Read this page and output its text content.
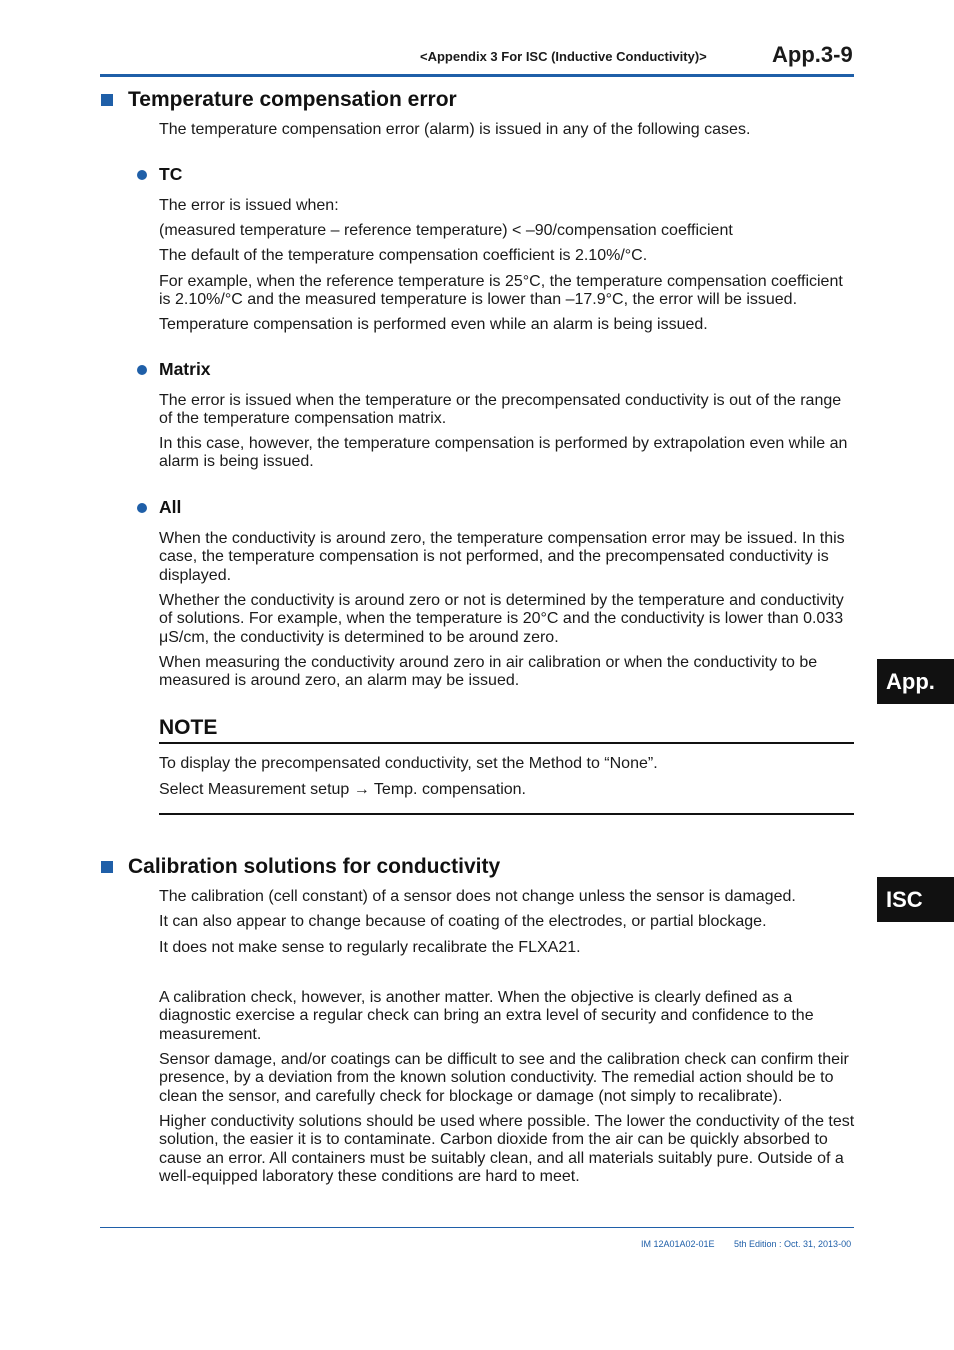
<Appendix 3 For ISC (Inductive Conductivity)>	App.3-9
Temperature compensation error
The temperature compensation error (alarm) is issued in any of the following cases.
TC
The error is issued when:
(measured temperature – reference temperature) < –90/compensation coefficient
The default of the temperature compensation coefficient is 2.10%/°C.
For example, when the reference temperature is 25°C, the temperature compensation coefficient is 2.10%/°C and the measured temperature is lower than –17.9°C, the error will be issued.
Temperature compensation is performed even while an alarm is being issued.
Matrix
The error is issued when the temperature or the precompensated conductivity is out of the range of the temperature compensation matrix.
In this case, however, the temperature compensation is performed by extrapolation even while an alarm is being issued.
All
When the conductivity is around zero, the temperature compensation error may be issued. In this case, the temperature compensation is not performed, and the precompensated conductivity is displayed.
Whether the conductivity is around zero or not is determined by the temperature and conductivity of solutions. For example, when the temperature is 20°C and the conductivity is lower than 0.033 μS/cm, the conductivity is determined to be around zero.
When measuring the conductivity around zero in air calibration or when the conductivity to be measured is around zero, an alarm may be issued.
NOTE
To display the precompensated conductivity, set the Method to “None”.
Select Measurement setup → Temp. compensation.
Calibration solutions for conductivity
The calibration (cell constant) of a sensor does not change unless the sensor is damaged.
It can also appear to change because of coating of the electrodes, or partial blockage.
It does not make sense to regularly recalibrate the FLXA21.
A calibration check, however, is another matter. When the objective is clearly defined as a diagnostic exercise a regular check can bring an extra level of security and confidence to the measurement.
Sensor damage, and/or coatings can be difficult to see and the calibration check can confirm their presence, by a deviation from the known solution conductivity. The remedial action should be to clean the sensor, and carefully check for blockage or damage (not simply to recalibrate).
Higher conductivity solutions should be used where possible. The lower the conductivity of the test solution, the easier it is to contaminate. Carbon dioxide from the air can be quickly absorbed to cause an error. All containers must be suitably clean, and all materials suitably pure. Outside of a well-equipped laboratory these conditions are hard to meet.
App.
ISC
IM 12A01A02-01E 5th Edition : Oct. 31, 2013-00
